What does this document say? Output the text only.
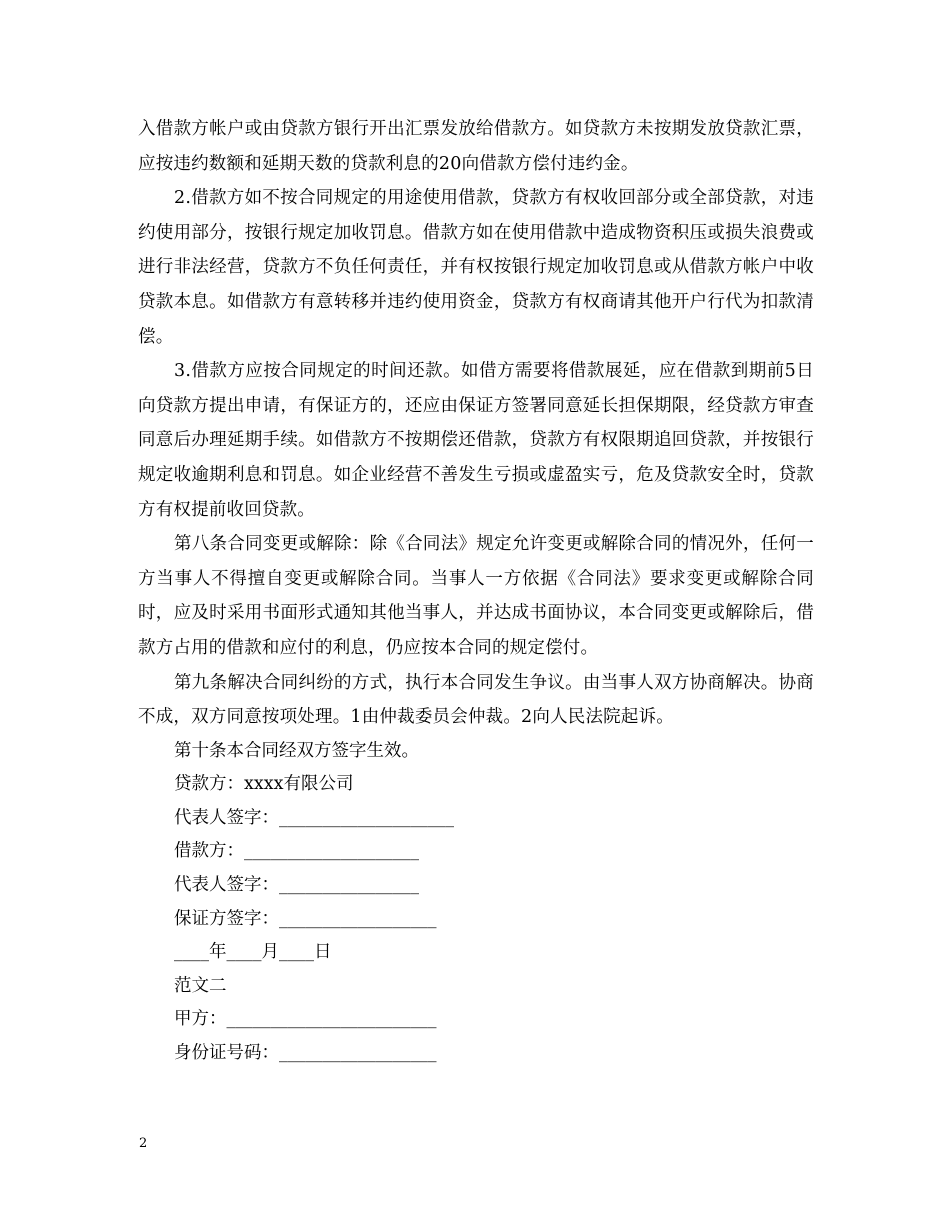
入借款方帐户或由贷款方银行开出汇票发放给借款方。如贷款方未按期发放贷款汇票，应按违约数额和延期天数的贷款利息的20向借款方偿付违约金。

2.借款方如不按合同规定的用途使用借款，贷款方有权收回部分或全部贷款，对违约使用部分，按银行规定加收罚息。借款方如在使用借款中造成物资积压或损失浪费或进行非法经营，贷款方不负任何责任，并有权按银行规定加收罚息或从借款方帐户中收贷款本息。如借款方有意转移并违约使用资金，贷款方有权商请其他开户行代为扣款清偿。

3.借款方应按合同规定的时间还款。如借方需要将借款展延，应在借款到期前5日向贷款方提出申请，有保证方的，还应由保证方签署同意延长担保期限，经贷款方审查同意后办理延期手续。如借款方不按期偿还借款，贷款方有权限期追回贷款，并按银行规定收逾期利息和罚息。如企业经营不善发生亏损或虚盈实亏，危及贷款安全时，贷款方有权提前收回贷款。

第八条合同变更或解除：除《合同法》规定允许变更或解除合同的情况外，任何一方当事人不得擅自变更或解除合同。当事人一方依据《合同法》要求变更或解除合同时，应及时采用书面形式通知其他当事人，并达成书面协议，本合同变更或解除后，借款方占用的借款和应付的利息，仍应按本合同的规定偿付。

第九条解决合同纠纷的方式，执行本合同发生争议。由当事人双方协商解决。协商不成，双方同意按项处理。1由仲裁委员会仲裁。2向人民法院起诉。

第十条本合同经双方签字生效。

贷款方：xxxx有限公司

代表人签字：____________________

借款方：____________________

代表人签字：________________

保证方签字：__________________

____年____月____日

范文二

甲方：________________________

身份证号码：__________________

2
